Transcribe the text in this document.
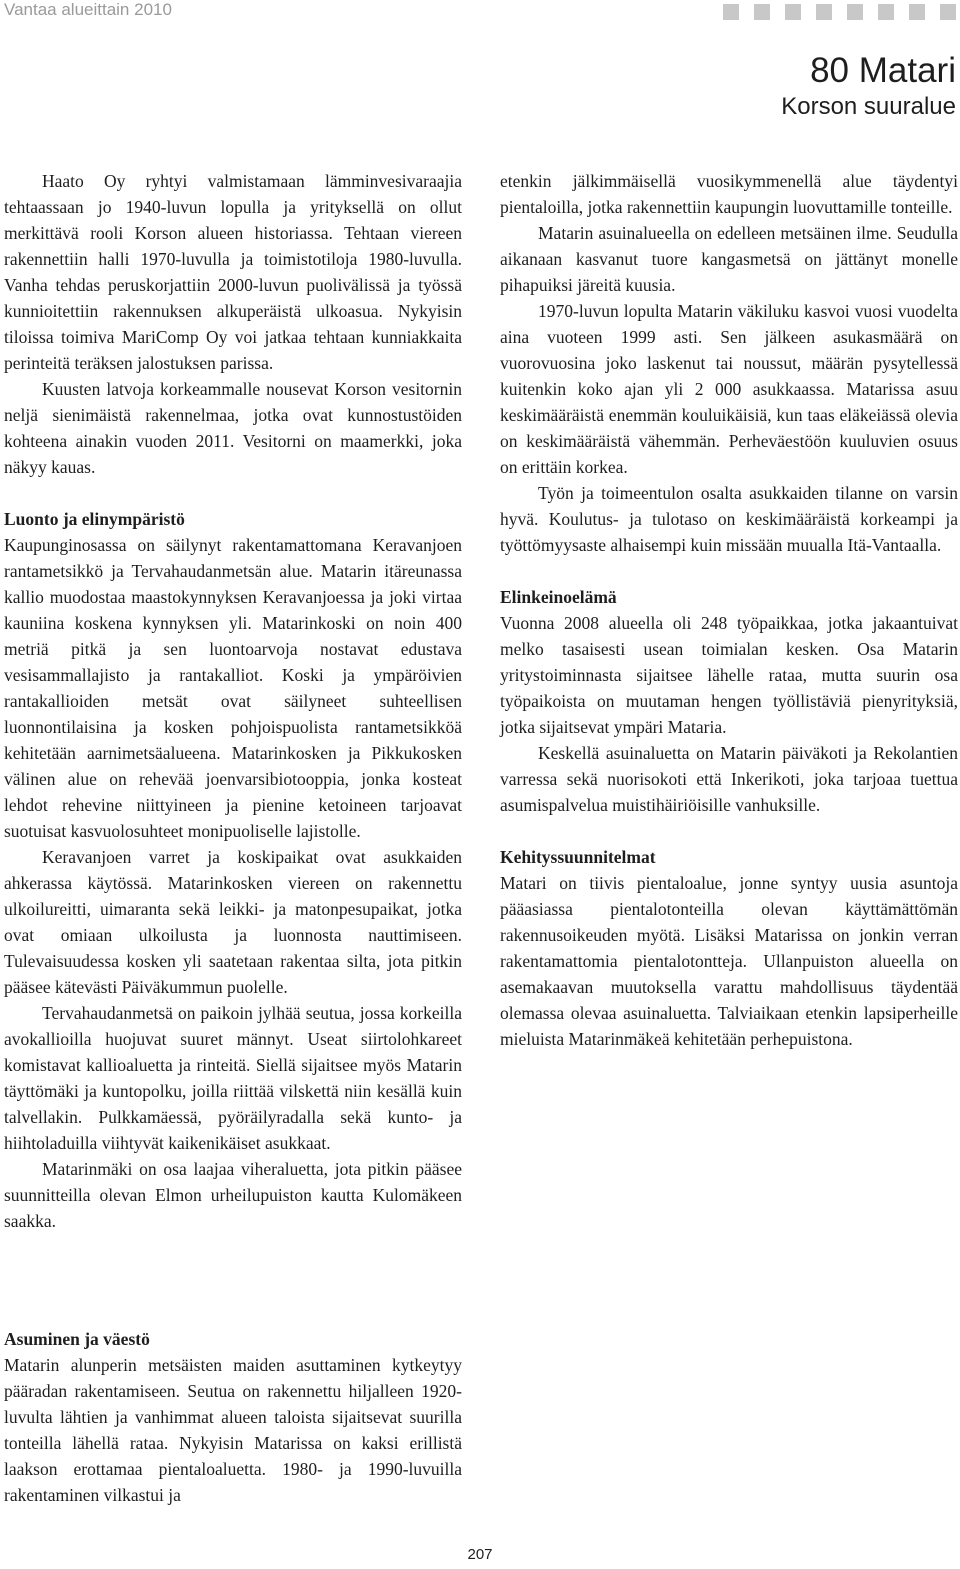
Vantaa alueittain 2010
80 Matari
Korson suuralue

Haato Oy ryhtyi valmistamaan lämminvesivaraajia tehtaassaan jo 1940-luvun lopulla ja yrityksellä on ollut merkittävä rooli Korson alueen historiassa. Tehtaan viereen rakennettiin halli 1970-luvulla ja toimistotiloja 1980-luvulla. Vanha tehdas peruskorjattiin 2000-luvun puolivälissä ja työssä kunnioitettiin rakennuksen alkuperäistä ulkoasua. Nykyisin tiloissa toimiva MariComp Oy voi jatkaa tehtaan kunniakkaita perinteitä teräksen jalostuksen parissa.

Kuusten latvoja korkeammalle nousevat Korson vesitornin neljä sienimäistä rakennelmaa, jotka ovat kunnostustöiden kohteena ainakin vuoden 2011. Vesitorni on maamerkki, joka näkyy kauas.

Luonto ja elinympäristö

Kaupunginosassa on säilynyt rakentamattomana Keravanjoen rantametsikkö ja Tervahaudanmetsän alue. Matarin itäreunassa kallio muodostaa maastokynnyksen Keravanjoessa ja joki virtaa kauniina koskena kynnyksen yli. Matarinkoski on noin 400 metriä pitkä ja sen luontoarvoja nostavat edustava vesisammallajisto ja rantakalliot. Koski ja ympäröivien rantakallioiden metsät ovat säilyneet suhteellisen luonnontilaisina ja kosken pohjoispuolista rantametsikköä kehitetään aarnimetsäalueena. Matarinkosken ja Pikkukosken välinen alue on rehevää joenvarsibiotooppia, jonka kosteat lehdot rehevine niittyineen ja pienine ketoineen tarjoavat suotuisat kasvuolosuhteet monipuoliselle lajistolle.

Keravanjoen varret ja koskipaikat ovat asukkaiden ahkerassa käytössä. Matarinkosken viereen on rakennettu ulkoilureitti, uimaranta sekä leikki- ja matonpesupaikat, jotka ovat omiaan ulkoilusta ja luonnosta nauttimiseen. Tulevaisuudessa kosken yli saatetaan rakentaa silta, jota pitkin pääsee kätevästi Päiväkummun puolelle.

Tervahaudanmetsä on paikoin jylhää seutua, jossa korkeilla avokallioilla huojuvat suuret männyt. Useat siirtolohkareet komistavat kallioaluetta ja rinteitä. Siellä sijaitsee myös Matarin täyttömäki ja kuntopolku, joilla riittää vilskettä niin kesällä kuin talvellakin. Pulkkamäessä, pyöräilyradalla sekä kunto- ja hiihtoladuilla viihtyvät kaikenikäiset asukkaat.

Matarinmäki on osa laajaa viheraluetta, jota pitkin pääsee suunnitteilla olevan Elmon urheilupuiston kautta Kulomäkeen saakka.

Asuminen ja väestö

Matarin alunperin metsäisten maiden asuttaminen kytkeytyy pääradan rakentamiseen. Seutua on rakennettu hiljalleen 1920-luvulta lähtien ja vanhimmat alueen taloista sijaitsevat suurilla tonteilla lähellä rataa. Nykyisin Matarissa on kaksi erillistä laakson erottamaa pientaloaluetta. 1980- ja 1990-luvuilla rakentaminen vilkastui ja

etenkin jälkimmäisellä vuosikymmenellä alue täydentyi pientaloilla, jotka rakennettiin kaupungin luovuttamille tonteille.

Matarin asuinalueella on edelleen metsäinen ilme. Seudulla aikanaan kasvanut tuore kangasmetsä on jättänyt monelle pihapuiksi järeitä kuusia.

1970-luvun lopulta Matarin väkiluku kasvoi vuosi vuodelta aina vuoteen 1999 asti. Sen jälkeen asukasmäärä on vuorovuosina joko laskenut tai noussut, määrän pysytellessä kuitenkin koko ajan yli 2 000 asukkaassa. Matarissa asuu keskimääräistä enemmän kouluikäisiä, kun taas eläkeiässä olevia on keskimääräistä vähemmän. Perheväestöön kuuluvien osuus on erittäin korkea.

Työn ja toimeentulon osalta asukkaiden tilanne on varsin hyvä. Koulutus- ja tulotaso on keskimääräistä korkeampi ja työttömyysaste alhaisempi kuin missään muualla Itä-Vantaalla.

Elinkeinoelämä

Vuonna 2008 alueella oli 248 työpaikkaa, jotka jakaantuivat melko tasaisesti usean toimialan kesken. Osa Matarin yritystoiminnasta sijaitsee lähelle rataa, mutta suurin osa työpaikoista on muutaman hengen työllistäviä pienyrityksiä, jotka sijaitsevat ympäri Mataria.

Keskellä asuinaluetta on Matarin päiväkoti ja Rekolantien varressa sekä nuorisokoti että Inkerikoti, joka tarjoaa tuettua asumispalvelua muistihäiriöisille vanhuksille.

Kehityssuunnitelmat

Matari on tiivis pientaloalue, jonne syntyy uusia asuntoja pääasiassa pientalotonteilla olevan käyttämättömän rakennusoikeuden myötä. Lisäksi Matarissa on jonkin verran rakentamattomia pientalotontteja. Ullanpuiston alueella on asemakaavan muutoksella varattu mahdollisuus täydentää olemassa olevaa asuinaluetta. Talviaikaan etenkin lapsiperheille mieluista Matarinmäkeä kehitetään perhepuistona.

207
